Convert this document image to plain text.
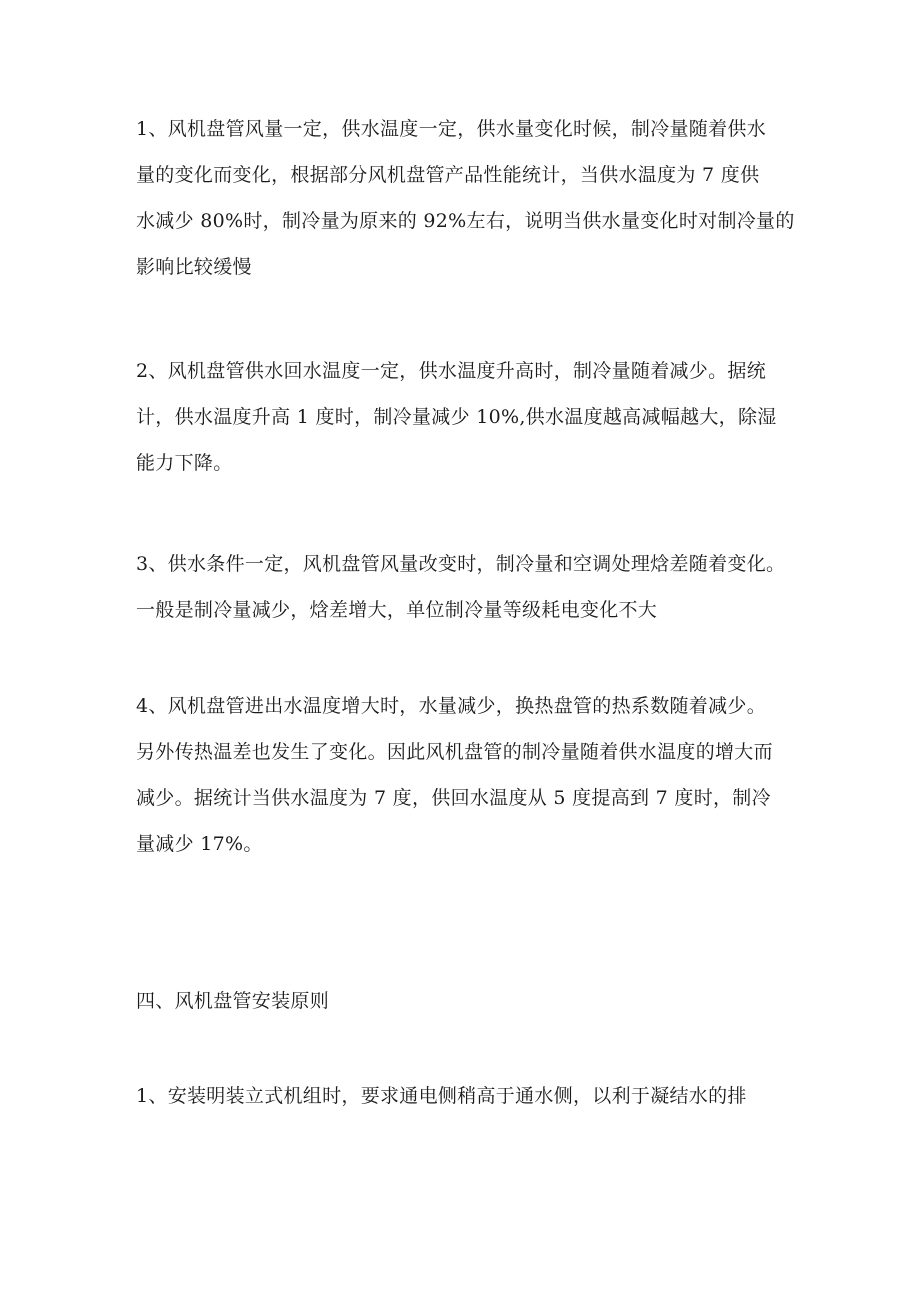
1、风机盘管风量一定，供水温度一定，供水量变化时候，制冷量随着供水
量的变化而变化，根据部分风机盘管产品性能统计，当供水温度为 7 度供
水减少 80%时，制冷量为原来的 92%左右，说明当供水量变化时对制冷量的
影响比较缓慢
2、风机盘管供水回水温度一定，供水温度升高时，制冷量随着减少。据统
计，供水温度升高 1 度时，制冷量减少 10%,供水温度越高减幅越大，除湿
能力下降。
3、供水条件一定，风机盘管风量改变时，制冷量和空调处理焓差随着变化。
一般是制冷量减少，焓差增大，单位制冷量等级耗电变化不大
4、风机盘管进出水温度增大时，水量减少，换热盘管的热系数随着减少。
另外传热温差也发生了变化。因此风机盘管的制冷量随着供水温度的增大而
减少。据统计当供水温度为 7 度，供回水温度从 5 度提高到 7 度时，制冷
量减少 17%。
四、风机盘管安装原则
1、安装明装立式机组时，要求通电侧稍高于通水侧，以利于凝结水的排
